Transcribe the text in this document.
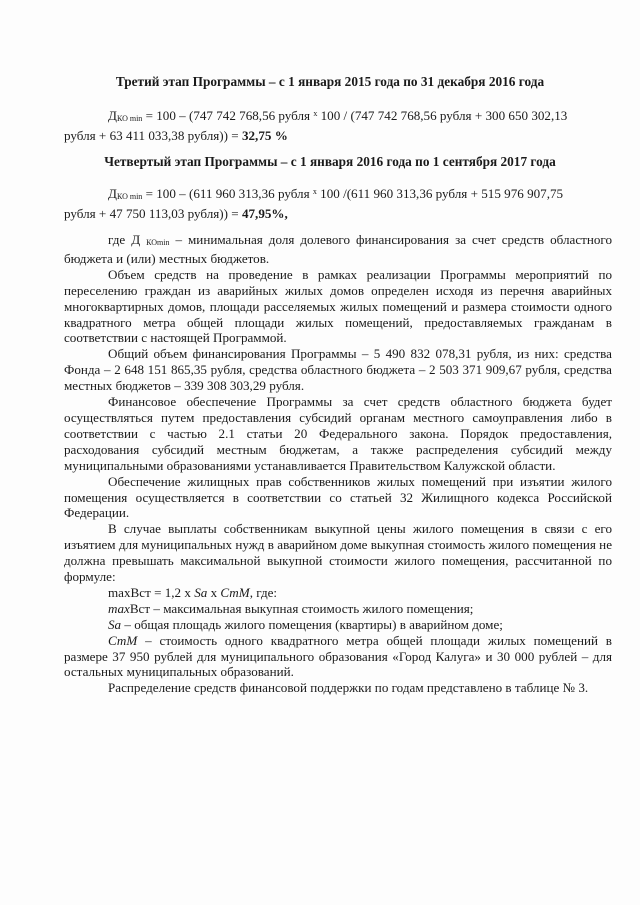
Третий этап Программы – с 1 января 2015 года по 31 декабря 2016 года
$Д_{КО min} = 100 - (747$ 742 768,56 рубля $^х$ 100 / (747 742 768,56 рубля + 300 650 302,13
рубля + 63 411 033,38 рубля)) = 32,75 %
Четвертый этап Программы – с 1 января 2016 года по 1 сентября 2017 года
$Д_{КО min} = 100 - (611$ 960 313,36 рубля $^х$ 100 /(611 960 313,36 рубля + 515 976 907,75
рубля + 47 750 113,03 рубля)) = 47,95%,

где Д $_{КОmin}$ – минимальная доля долевого финансирования за счет средств областного бюджета и (или) местных бюджетов.

Объем средств на проведение в рамках реализации Программы мероприятий по переселению граждан из аварийных жилых домов определен исходя из перечня аварийных многоквартирных домов, площади расселяемых жилых помещений и размера стоимости одного квадратного метра общей площади жилых помещений, предоставляемых гражданам в соответствии с настоящей Программой.

Общий объем финансирования Программы – 5 490 832 078,31 рубля, из них: средства Фонда – 2 648 151 865,35 рубля, средства областного бюджета – 2 503 371 909,67 рубля, средства местных бюджетов – 339 308 303,29 рубля.

Финансовое обеспечение Программы за счет средств областного бюджета будет осуществляться путем предоставления субсидий органам местного самоуправления либо в соответствии с частью 2.1 статьи 20 Федерального закона. Порядок предоставления, расходования субсидий местным бюджетам, а также распределения субсидий между муниципальными образованиями устанавливается Правительством Калужской области.

Обеспечение жилищных прав собственников жилых помещений при изъятии жилого помещения осуществляется в соответствии со статьей 32 Жилищного кодекса Российской Федерации.

В случае выплаты собственникам выкупной цены жилого помещения в связи с его изъятием для муниципальных нужд в аварийном доме выкупная стоимость жилого помещения не должна превышать максимальной выкупной стоимости жилого помещения, рассчитанной по формуле:

maxВст = 1,2 х Sa х СтМ, где:

maxВст – максимальная выкупная стоимость жилого помещения;

Sa – общая площадь жилого помещения (квартиры) в аварийном доме;

СтМ – стоимость одного квадратного метра общей площади жилых помещений в размере 37 950 рублей для муниципального образования «Город Калуга» и 30 000 рублей – для остальных муниципальных образований.

Распределение средств финансовой поддержки по годам представлено в таблице № 3.
